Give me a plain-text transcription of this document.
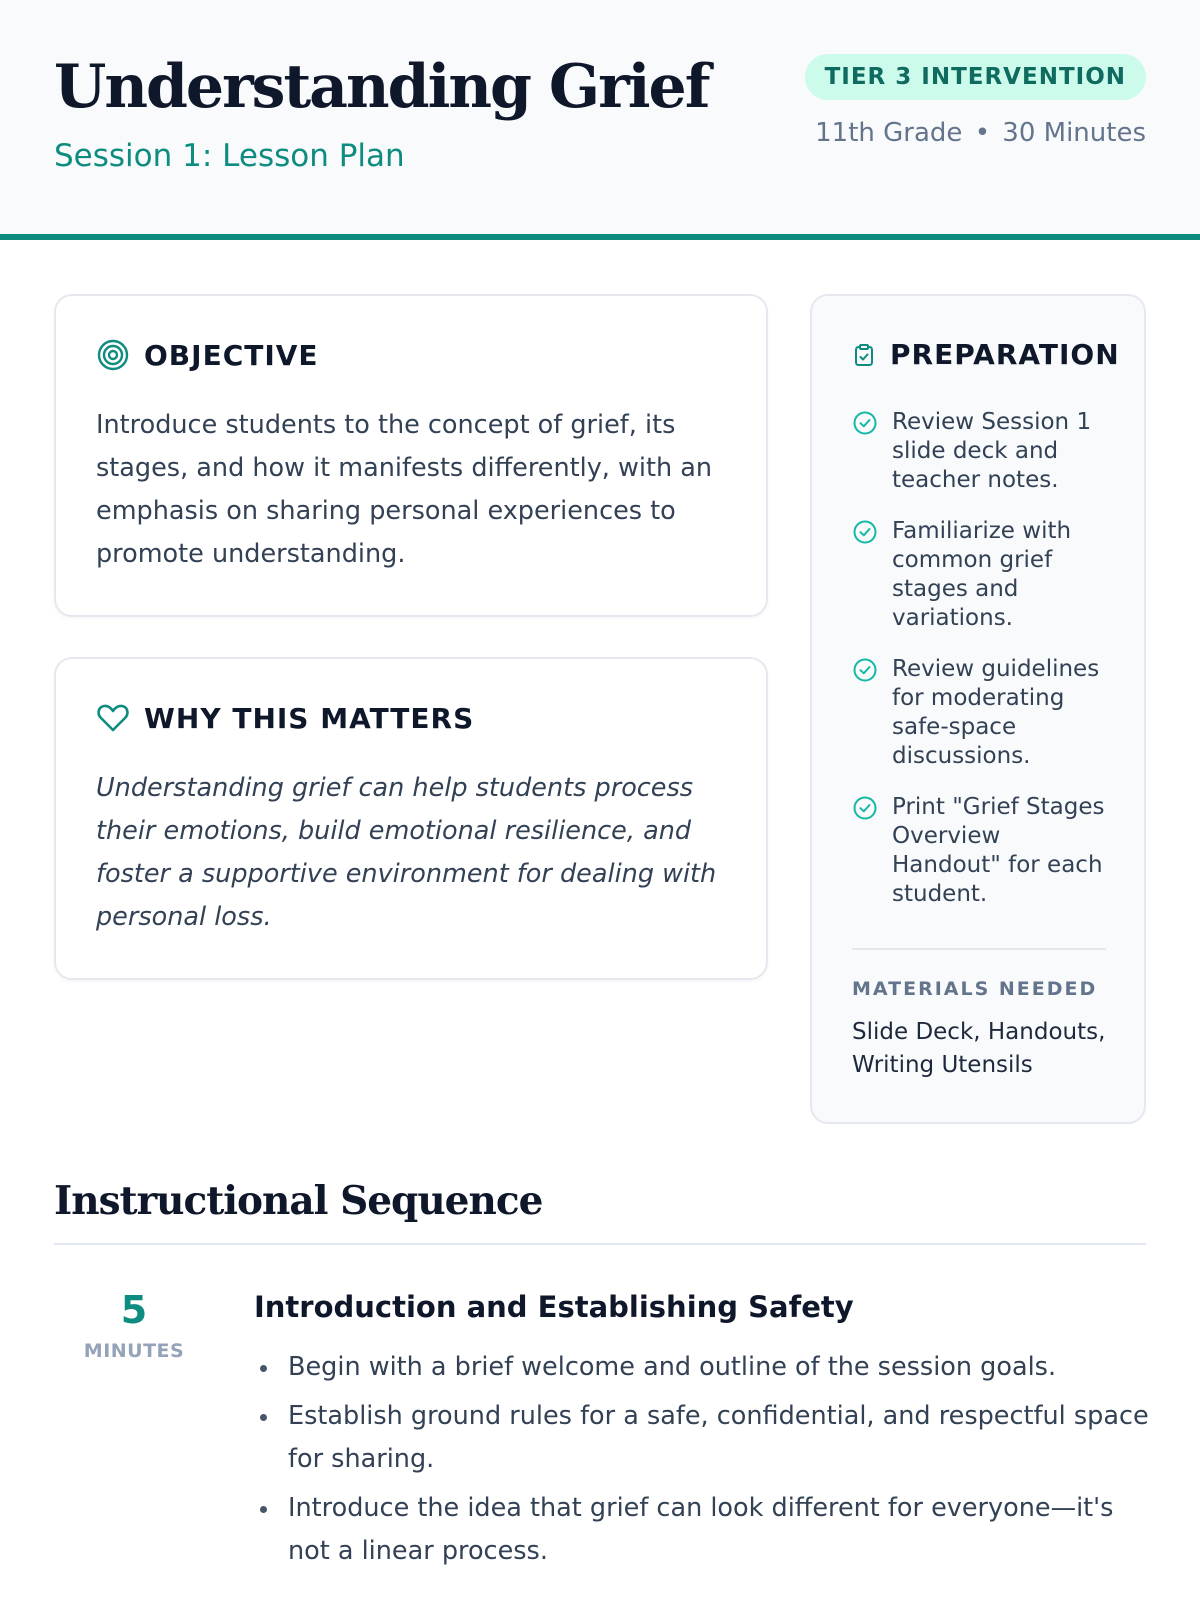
Understanding Grief
Session 1: Lesson Plan
TIER 3 INTERVENTION
11th Grade • 30 Minutes
OBJECTIVE
Introduce students to the concept of grief, its stages, and how it manifests differently, with an emphasis on sharing personal experiences to promote understanding.
WHY THIS MATTERS
Understanding grief can help students process their emotions, build emotional resilience, and foster a supportive environment for dealing with personal loss.
PREPARATION
Review Session 1 slide deck and teacher notes.
Familiarize with common grief stages and variations.
Review guidelines for moderating safe-space discussions.
Print "Grief Stages Overview Handout" for each student.
MATERIALS NEEDED
Slide Deck, Handouts, Writing Utensils
Instructional Sequence
5
MINUTES
Introduction and Establishing Safety
Begin with a brief welcome and outline of the session goals.
Establish ground rules for a safe, confidential, and respectful space for sharing.
Introduce the idea that grief can look different for everyone—it's not a linear process.
